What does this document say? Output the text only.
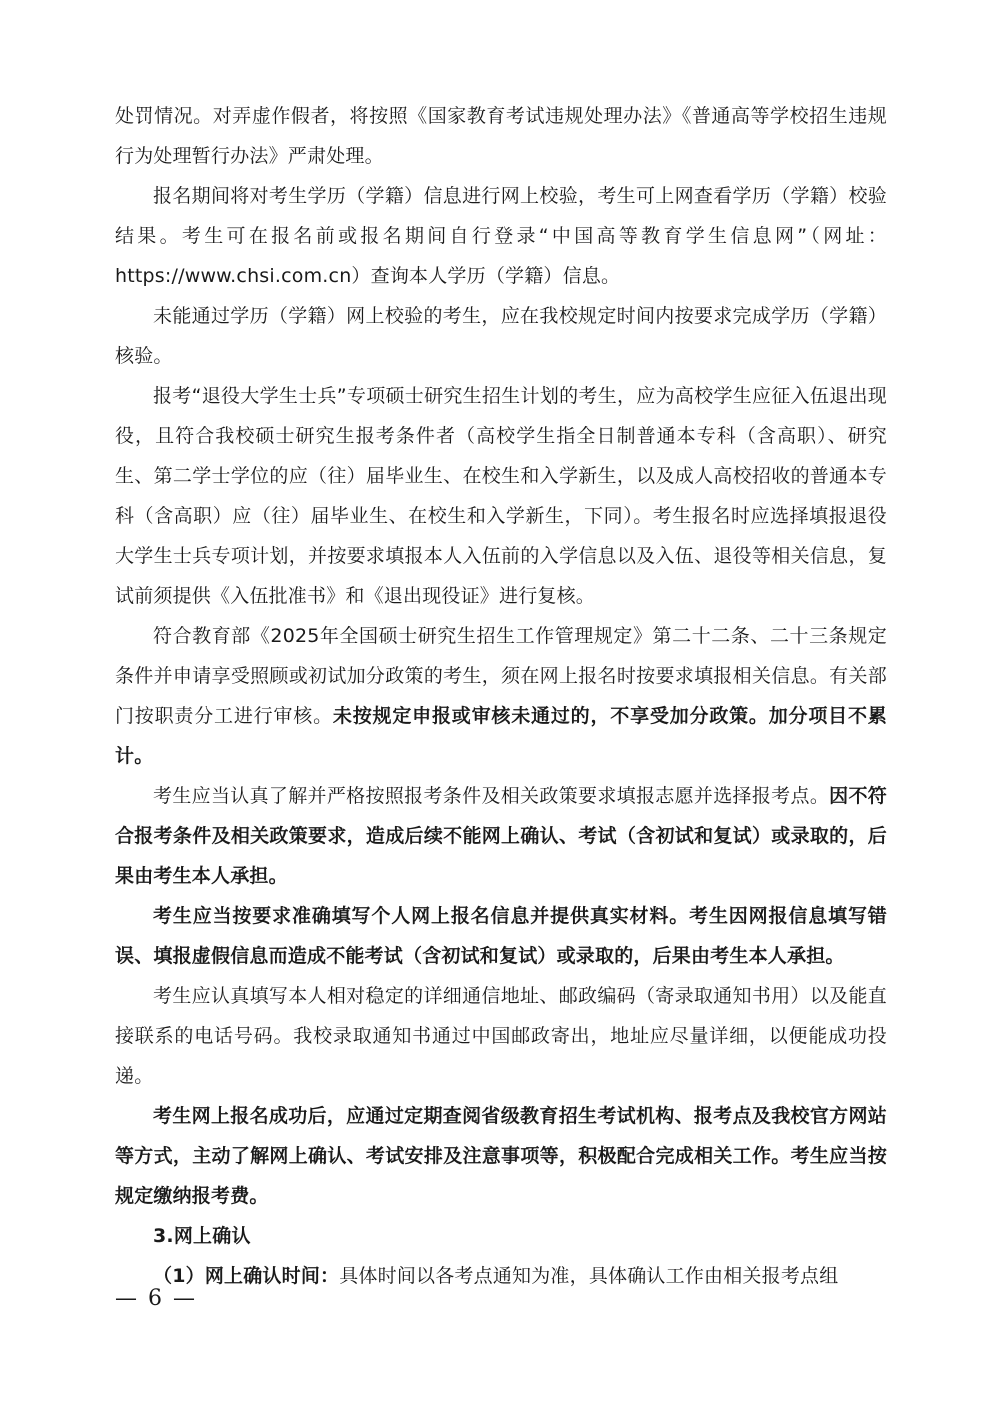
处罚情况。对弄虚作假者，将按照《国家教育考试违规处理办法》《普通高等学校招生违规行为处理暂行办法》严肃处理。

报名期间将对考生学历（学籍）信息进行网上校验，考生可上网查看学历（学籍）校验结果。考生可在报名前或报名期间自行登录“中国高等教育学生信息网”（网址：https://www.chsi.com.cn）查询本人学历（学籍）信息。

未能通过学历（学籍）网上校验的考生，应在我校规定时间内按要求完成学历（学籍）核验。

报考“退役大学生士兵”专项硕士研究生招生计划的考生，应为高校学生应征入伍退出现役，且符合我校硕士研究生报考条件者（高校学生指全日制普通本专科（含高职）、研究生、第二学士学位的应（往）届毕业生、在校生和入学新生，以及成人高校招收的普通本专科（含高职）应（往）届毕业生、在校生和入学新生，下同）。考生报名时应选择填报退役大学生士兵专项计划，并按要求填报本人入伍前的入学信息以及入伍、退役等相关信息，复试前须提供《入伍批准书》和《退出现役证》进行复核。

符合教育部《2025年全国硕士研究生招生工作管理规定》第二十二条、二十三条规定条件并申请享受照顾或初试加分政策的考生，须在网上报名时按要求填报相关信息。有关部门按职责分工进行审核。未按规定申报或审核未通过的，不享受加分政策。加分项目不累计。

考生应当认真了解并严格按照报考条件及相关政策要求填报志愿并选择报考点。因不符合报考条件及相关政策要求，造成后续不能网上确认、考试（含初试和复试）或录取的，后果由考生本人承担。

考生应当按要求准确填写个人网上报名信息并提供真实材料。考生因网报信息填写错误、填报虚假信息而造成不能考试（含初试和复试）或录取的，后果由考生本人承担。

考生应认真填写本人相对稳定的详细通信地址、邮政编码（寄录取通知书用）以及能直接联系的电话号码。我校录取通知书通过中国邮政寄出，地址应尽量详细，以便能成功投递。

考生网上报名成功后，应通过定期查阅省级教育招生考试机构、报考点及我校官方网站等方式，主动了解网上确认、考试安排及注意事项等，积极配合完成相关工作。考生应当按规定缴纳报考费。

3.网上确认

（1）网上确认时间：具体时间以各考点通知为准，具体确认工作由相关报考点组

— 6 —
